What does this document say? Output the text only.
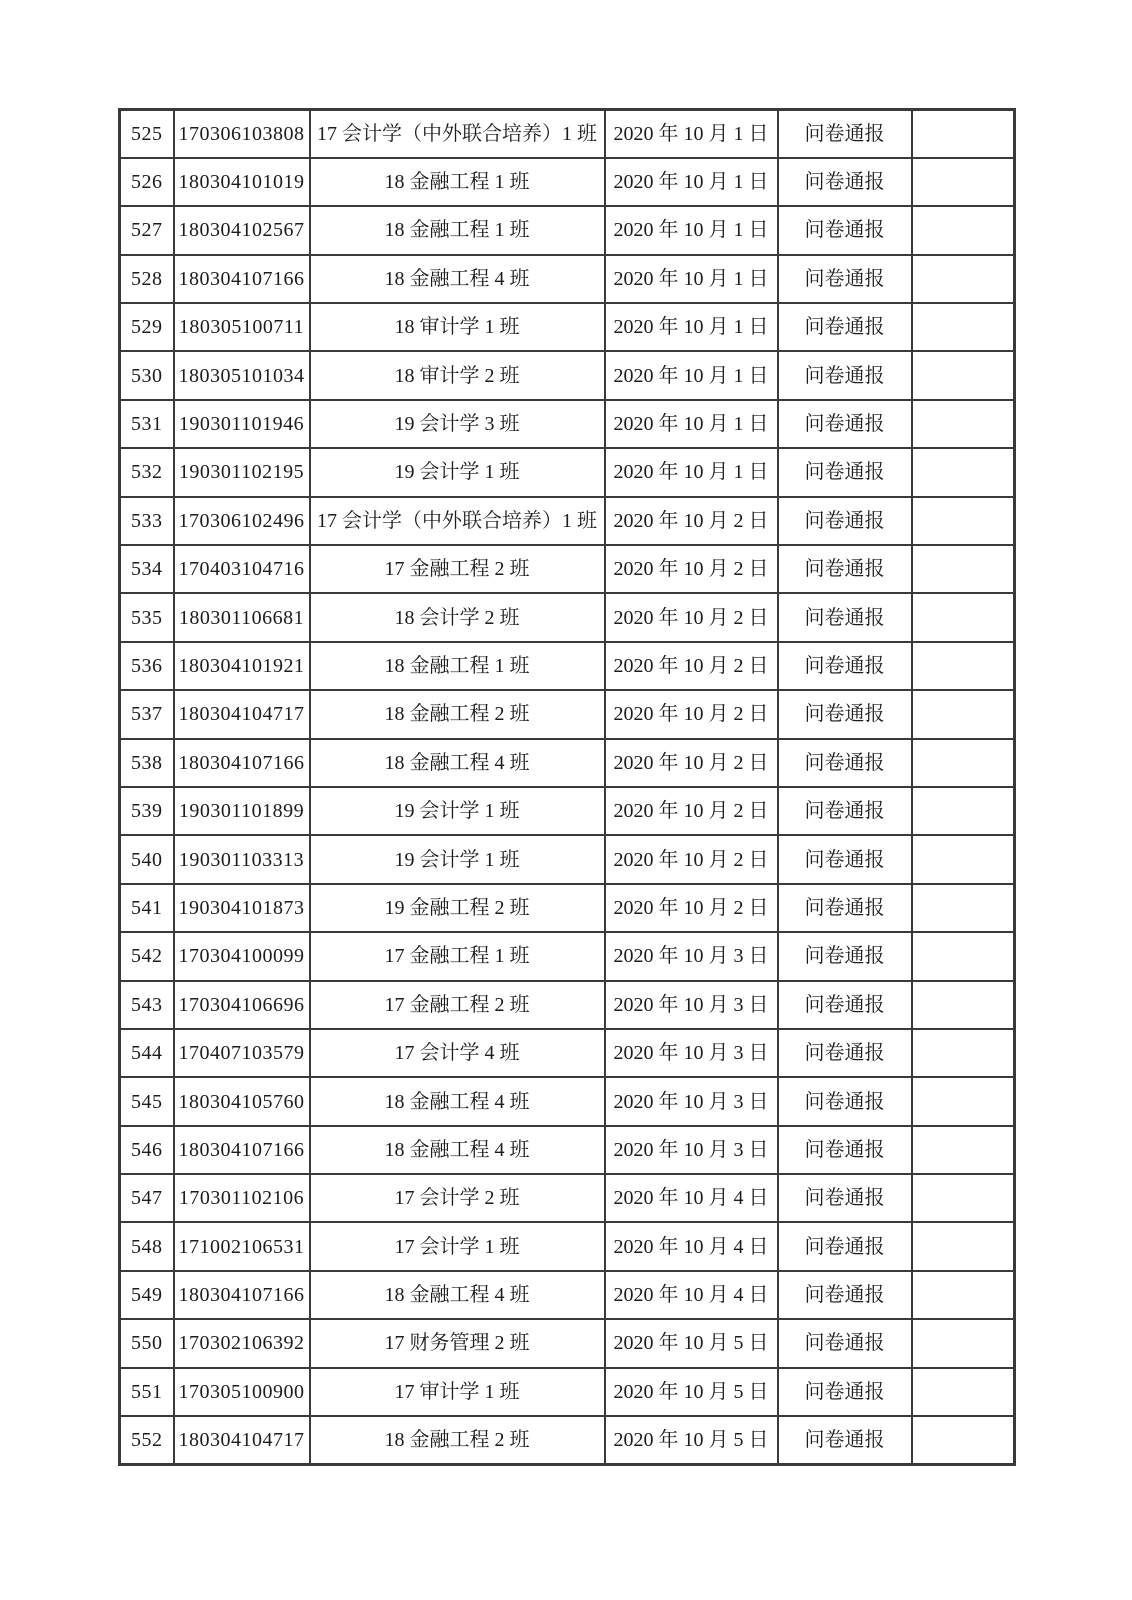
525	170306103808	17 会计学（中外联合培养）1 班	2020 年 10 月 1 日	问卷通报	
526	180304101019	18 金融工程 1 班	2020 年 10 月 1 日	问卷通报	
527	180304102567	18 金融工程 1 班	2020 年 10 月 1 日	问卷通报	
528	180304107166	18 金融工程 4 班	2020 年 10 月 1 日	问卷通报	
529	180305100711	18 审计学 1 班	2020 年 10 月 1 日	问卷通报	
530	180305101034	18 审计学 2 班	2020 年 10 月 1 日	问卷通报	
531	190301101946	19 会计学 3 班	2020 年 10 月 1 日	问卷通报	
532	190301102195	19 会计学 1 班	2020 年 10 月 1 日	问卷通报	
533	170306102496	17 会计学（中外联合培养）1 班	2020 年 10 月 2 日	问卷通报	
534	170403104716	17 金融工程 2 班	2020 年 10 月 2 日	问卷通报	
535	180301106681	18 会计学 2 班	2020 年 10 月 2 日	问卷通报	
536	180304101921	18 金融工程 1 班	2020 年 10 月 2 日	问卷通报	
537	180304104717	18 金融工程 2 班	2020 年 10 月 2 日	问卷通报	
538	180304107166	18 金融工程 4 班	2020 年 10 月 2 日	问卷通报	
539	190301101899	19 会计学 1 班	2020 年 10 月 2 日	问卷通报	
540	190301103313	19 会计学 1 班	2020 年 10 月 2 日	问卷通报	
541	190304101873	19 金融工程 2 班	2020 年 10 月 2 日	问卷通报	
542	170304100099	17 金融工程 1 班	2020 年 10 月 3 日	问卷通报	
543	170304106696	17 金融工程 2 班	2020 年 10 月 3 日	问卷通报	
544	170407103579	17 会计学 4 班	2020 年 10 月 3 日	问卷通报	
545	180304105760	18 金融工程 4 班	2020 年 10 月 3 日	问卷通报	
546	180304107166	18 金融工程 4 班	2020 年 10 月 3 日	问卷通报	
547	170301102106	17 会计学 2 班	2020 年 10 月 4 日	问卷通报	
548	171002106531	17 会计学 1 班	2020 年 10 月 4 日	问卷通报	
549	180304107166	18 金融工程 4 班	2020 年 10 月 4 日	问卷通报	
550	170302106392	17 财务管理 2 班	2020 年 10 月 5 日	问卷通报	
551	170305100900	17 审计学 1 班	2020 年 10 月 5 日	问卷通报	
552	180304104717	18 金融工程 2 班	2020 年 10 月 5 日	问卷通报	
